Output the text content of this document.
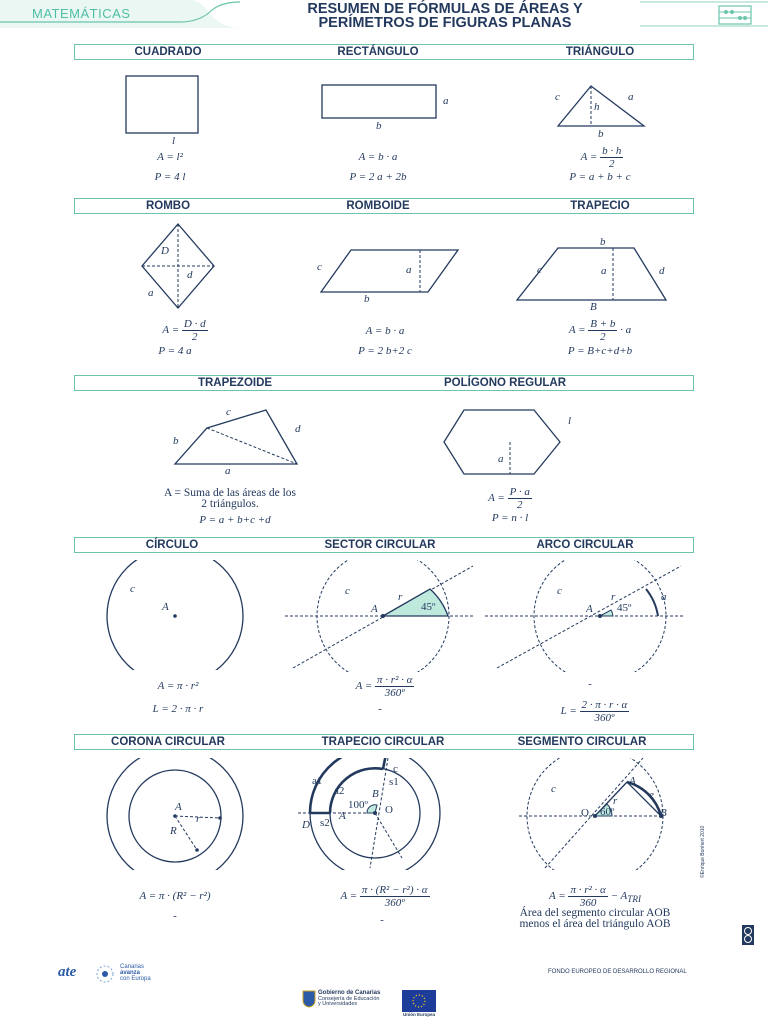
MATEMÁTICAS	RESUMEN DE FÓRMULAS DE ÁREAS Y
PERÍMETROS DE FIGURAS PLANAS
CUADRADO	RECTÁNGULO	TRIÁNGULO
l
a
b
c	a
h
b
A = l²
P = 4 l
A = b · a
P = 2 a + 2b
$A = \frac{b \cdot h}{2}$
P = a + b + c
ROMBO	ROMBOIDE	TRAPECIO
D
d
a
c	a
b
b
c	a	d
B
$A = \frac{D \cdot d}{2}$
P = 4 a
A = b · a
P = 2 b+2 c
$A = \frac{B + b}{2} \cdot a$
P = B+c+d+b
TRAPEZOIDE	POLÍGONO REGULAR
c
b
d
a
l
a
A = Suma de las áreas de los
2 triángulos.
P = a + b+c +d
$A = \frac{P \cdot a}{2}$
P = n · l
CÍRCULO	SECTOR CIRCULAR	ARCO CIRCULAR
c
A
c
A
r
45º
c
A
r
45º
a
A = π · r²
L = 2 · π · r
$A = \frac{\text{π · r² · α}}{\text{360º}}$
-
-
$L = \frac{2 \cdot \pi \cdot r \cdot \alpha}{\text{360º}}$
CORONA CIRCULAR	TRAPECIO CIRCULAR	SEGMENTO CIRCULAR
A
r
R
a1
a2
c
s1
B
100º O
A
D s2
c
A
e
r
O 60º	B
A = π · (R² − r²)
-
$A = \frac{\text{π · (R² − r²) · α}}{\text{360º}}$
-
$A = \frac{\text{π · r² · α}}{360} - A_{TRI}$
Área del segmento circular AOB
menos el área del triángulo AOB
©Enrique Bonhert 2010
ate	Canarias
avanza
con Europa
FONDO EUROPEO DE DESARROLLO REGIONAL
Gobierno de Canarias
Consejería de Educación
y Universidades
Unión Europea
